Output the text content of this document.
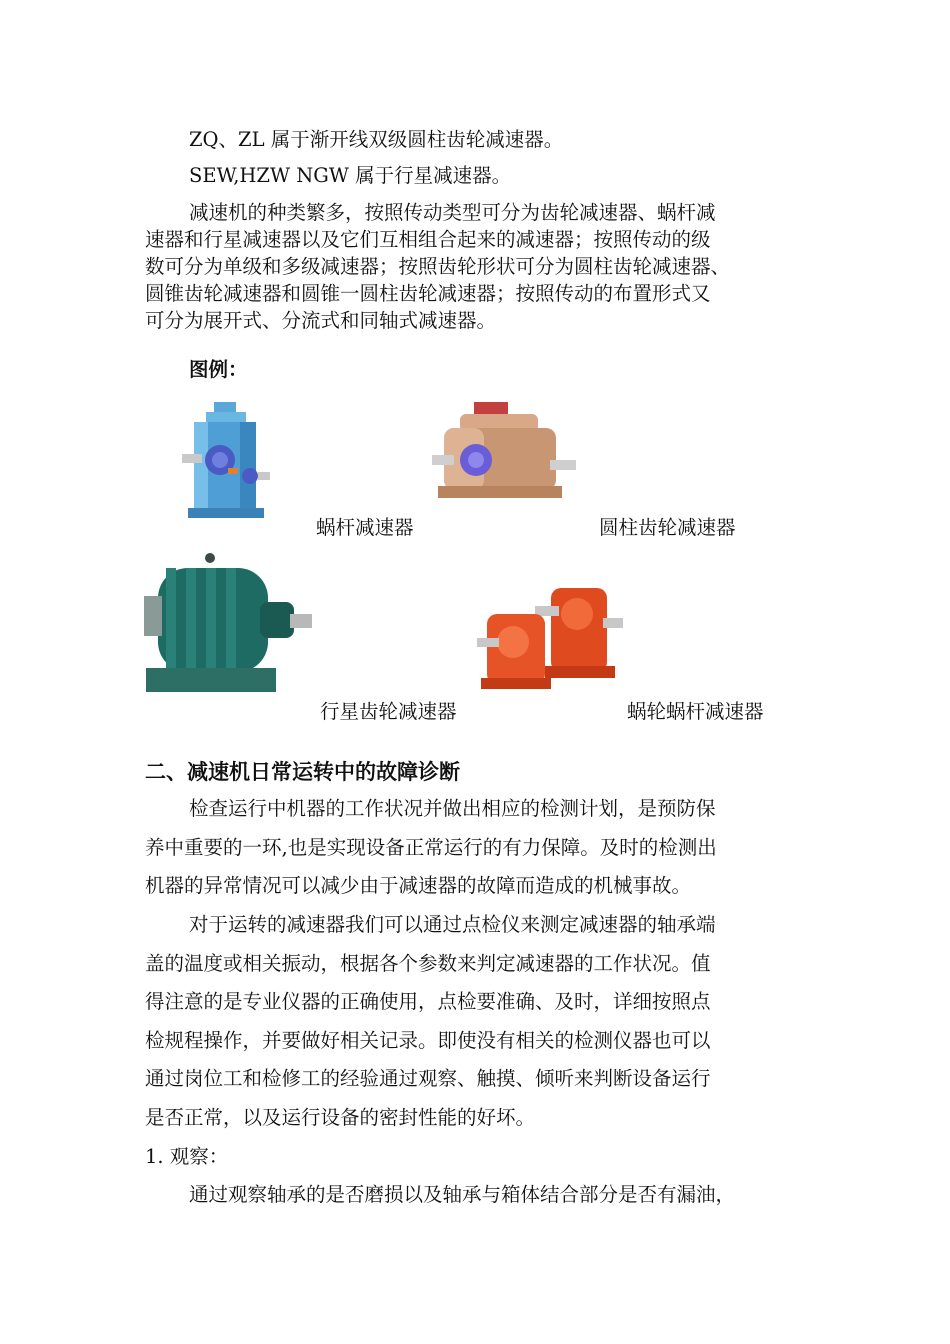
ZQ、ZL 属于渐开线双级圆柱齿轮减速器。
SEW,HZW NGW 属于行星减速器。
减速机的种类繁多，按照传动类型可分为齿轮减速器、蜗杆减
速器和行星减速器以及它们互相组合起来的减速器；按照传动的级
数可分为单级和多级减速器；按照齿轮形状可分为圆柱齿轮减速器、
圆锥齿轮减速器和圆锥一圆柱齿轮减速器；按照传动的布置形式又
可分为展开式、分流式和同轴式减速器。
图例：
蜗杆减速器	圆柱齿轮减速器
行星齿轮减速器	蜗轮蜗杆减速器
二、减速机日常运转中的故障诊断
检查运行中机器的工作状况并做出相应的检测计划，是预防保
养中重要的一环,也是实现设备正常运行的有力保障。及时的检测出
机器的异常情况可以减少由于减速器的故障而造成的机械事故。
对于运转的减速器我们可以通过点检仪来测定减速器的轴承端
盖的温度或相关振动，根据各个参数来判定减速器的工作状况。值
得注意的是专业仪器的正确使用，点检要准确、及时，详细按照点
检规程操作，并要做好相关记录。即使没有相关的检测仪器也可以
通过岗位工和检修工的经验通过观察、触摸、倾听来判断设备运行
是否正常，以及运行设备的密封性能的好坏。
1. 观察：
通过观察轴承的是否磨损以及轴承与箱体结合部分是否有漏油，
